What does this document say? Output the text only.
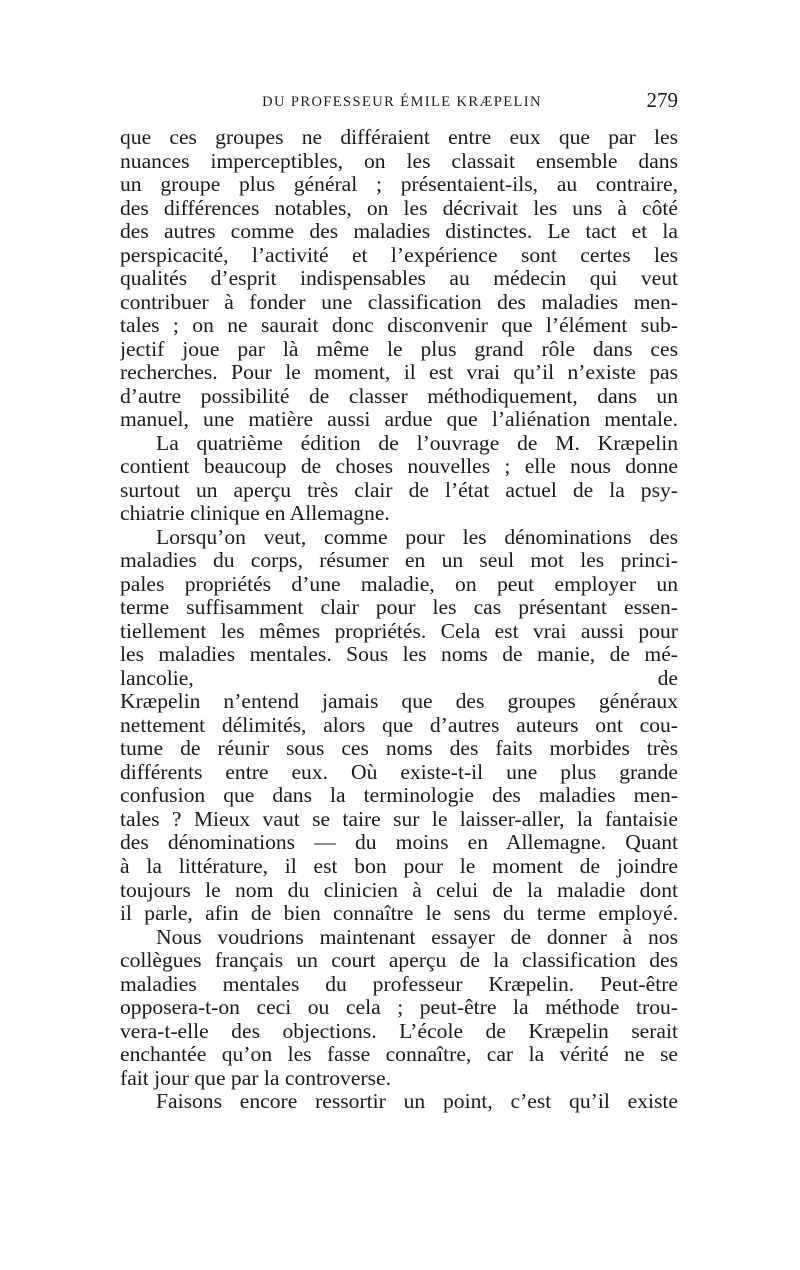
DU PROFESSEUR ÉMILE KRÆPELIN	279
que ces groupes ne différaient entre eux que par les
nuances imperceptibles, on les classait ensemble dans
un groupe plus général ; présentaient-ils, au contraire,
des différences notables, on les décrivait les uns à côté
des autres comme des maladies distinctes. Le tact et la
perspicacité, l’activité et l’expérience sont certes les
qualités d’esprit indispensables au médecin qui veut
contribuer à fonder une classification des maladies men-
tales ; on ne saurait donc disconvenir que l’élément sub-
jectif joue par là même le plus grand rôle dans ces
recherches. Pour le moment, il est vrai qu’il n’existe pas
d’autre possibilité de classer méthodiquement, dans un
manuel, une matière aussi ardue que l’aliénation mentale.
La quatrième édition de l’ouvrage de M. Kræpelin
contient beaucoup de choses nouvelles ; elle nous donne
surtout un aperçu très clair de l’état actuel de la psy-
chiatrie clinique en Allemagne.
Lorsqu’on veut, comme pour les dénominations des
maladies du corps, résumer en un seul mot les princi-
pales propriétés d’une maladie, on peut employer un
terme suffisamment clair pour les cas présentant essen-
tiellement les mêmes propriétés. Cela est vrai aussi pour
les maladies mentales. Sous les noms de manie, de mé-
lancolie, de
Kræpelin n’entend jamais que des groupes généraux
nettement délimités, alors que d’autres auteurs ont cou-
tume de réunir sous ces noms des faits morbides très
différents entre eux. Où existe-t-il une plus grande
confusion que dans la terminologie des maladies men-
tales ? Mieux vaut se taire sur le laisser-aller, la fantaisie
des dénominations — du moins en Allemagne. Quant
à la littérature, il est bon pour le moment de joindre
toujours le nom du clinicien à celui de la maladie dont
il parle, afin de bien connaître le sens du terme employé.
Nous voudrions maintenant essayer de donner à nos
collègues français un court aperçu de la classification des
maladies mentales du professeur Kræpelin. Peut-être
opposera-t-on ceci ou cela ; peut-être la méthode trou-
vera-t-elle des objections. L’école de Kræpelin serait
enchantée qu’on les fasse connaître, car la vérité ne se
fait jour que par la controverse.
Faisons encore ressortir un point, c’est qu’il existe
